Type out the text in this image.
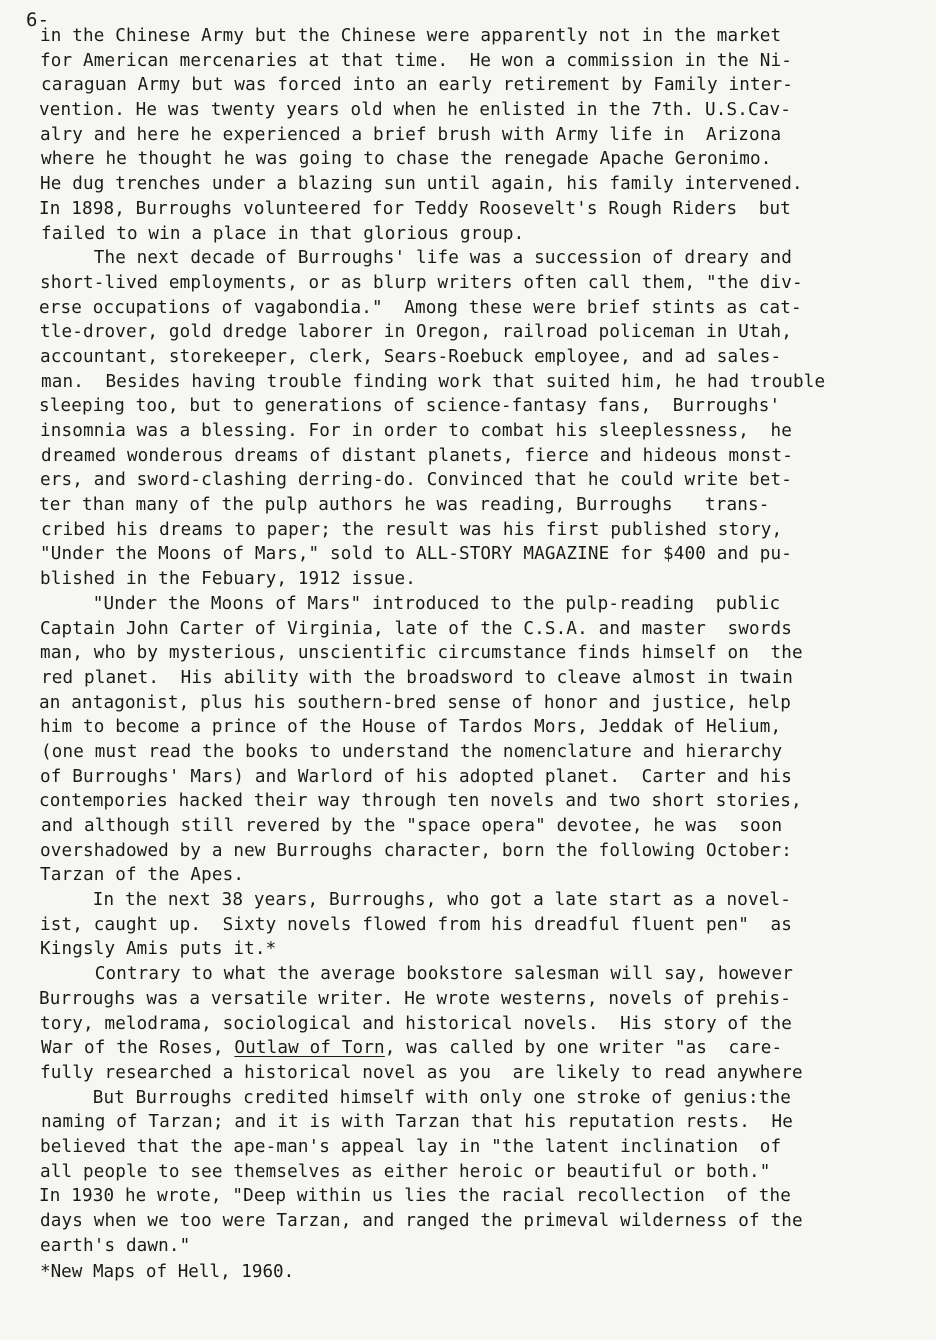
6-
in the Chinese Army but the Chinese were apparently not in the market
for American mercenaries at that time.  He won a commission in the Ni-
caraguan Army but was forced into an early retirement by Family inter-
vention. He was twenty years old when he enlisted in the 7th. U.S.Cav-
alry and here he experienced a brief brush with Army life in  Arizona
where he thought he was going to chase the renegade Apache Geronimo.
He dug trenches under a blazing sun until again, his family intervened.
In 1898, Burroughs volunteered for Teddy Roosevelt's Rough Riders  but
failed to win a place in that glorious group.
The next decade of Burroughs' life was a succession of dreary and
short-lived employments, or as blurp writers often call them, "the div-
erse occupations of vagabondia."  Among these were brief stints as cat-
tle-drover, gold dredge laborer in Oregon, railroad policeman in Utah,
accountant, storekeeper, clerk, Sears-Roebuck employee, and ad sales-
man.  Besides having trouble finding work that suited him, he had trouble
sleeping too, but to generations of science-fantasy fans,  Burroughs'
insomnia was a blessing. For in order to combat his sleeplessness,  he
dreamed wonderous dreams of distant planets, fierce and hideous monst-
ers, and sword-clashing derring-do. Convinced that he could write bet-
ter than many of the pulp authors he was reading, Burroughs   trans-
cribed his dreams to paper; the result was his first published story,
"Under the Moons of Mars," sold to ALL-STORY MAGAZINE for $400 and pu-
blished in the Febuary, 1912 issue.
"Under the Moons of Mars" introduced to the pulp-reading  public
Captain John Carter of Virginia, late of the C.S.A. and master  swords
man, who by mysterious, unscientific circumstance finds himself on  the
red planet.  His ability with the broadsword to cleave almost in twain
an antagonist, plus his southern-bred sense of honor and justice, help
him to become a prince of the House of Tardos Mors, Jeddak of Helium,
(one must read the books to understand the nomenclature and hierarchy
of Burroughs' Mars) and Warlord of his adopted planet.  Carter and his
contempories hacked their way through ten novels and two short stories,
and although still revered by the "space opera" devotee, he was  soon
overshadowed by a new Burroughs character, born the following October:
Tarzan of the Apes.
In the next 38 years, Burroughs, who got a late start as a novel-
ist, caught up.  Sixty novels flowed from his dreadful fluent pen"  as
Kingsly Amis puts it.*
Contrary to what the average bookstore salesman will say, however
Burroughs was a versatile writer. He wrote westerns, novels of prehis-
tory, melodrama, sociological and historical novels.  His story of the
War of the Roses, Outlaw of Torn, was called by one writer "as  care-
fully researched a historical novel as you  are likely to read anywhere
But Burroughs credited himself with only one stroke of genius:the
naming of Tarzan; and it is with Tarzan that his reputation rests.  He
believed that the ape-man's appeal lay in "the latent inclination  of
all people to see themselves as either heroic or beautiful or both."
In 1930 he wrote, "Deep within us lies the racial recollection  of the
days when we too were Tarzan, and ranged the primeval wilderness of the
earth's dawn."
*New Maps of Hell, 1960.
